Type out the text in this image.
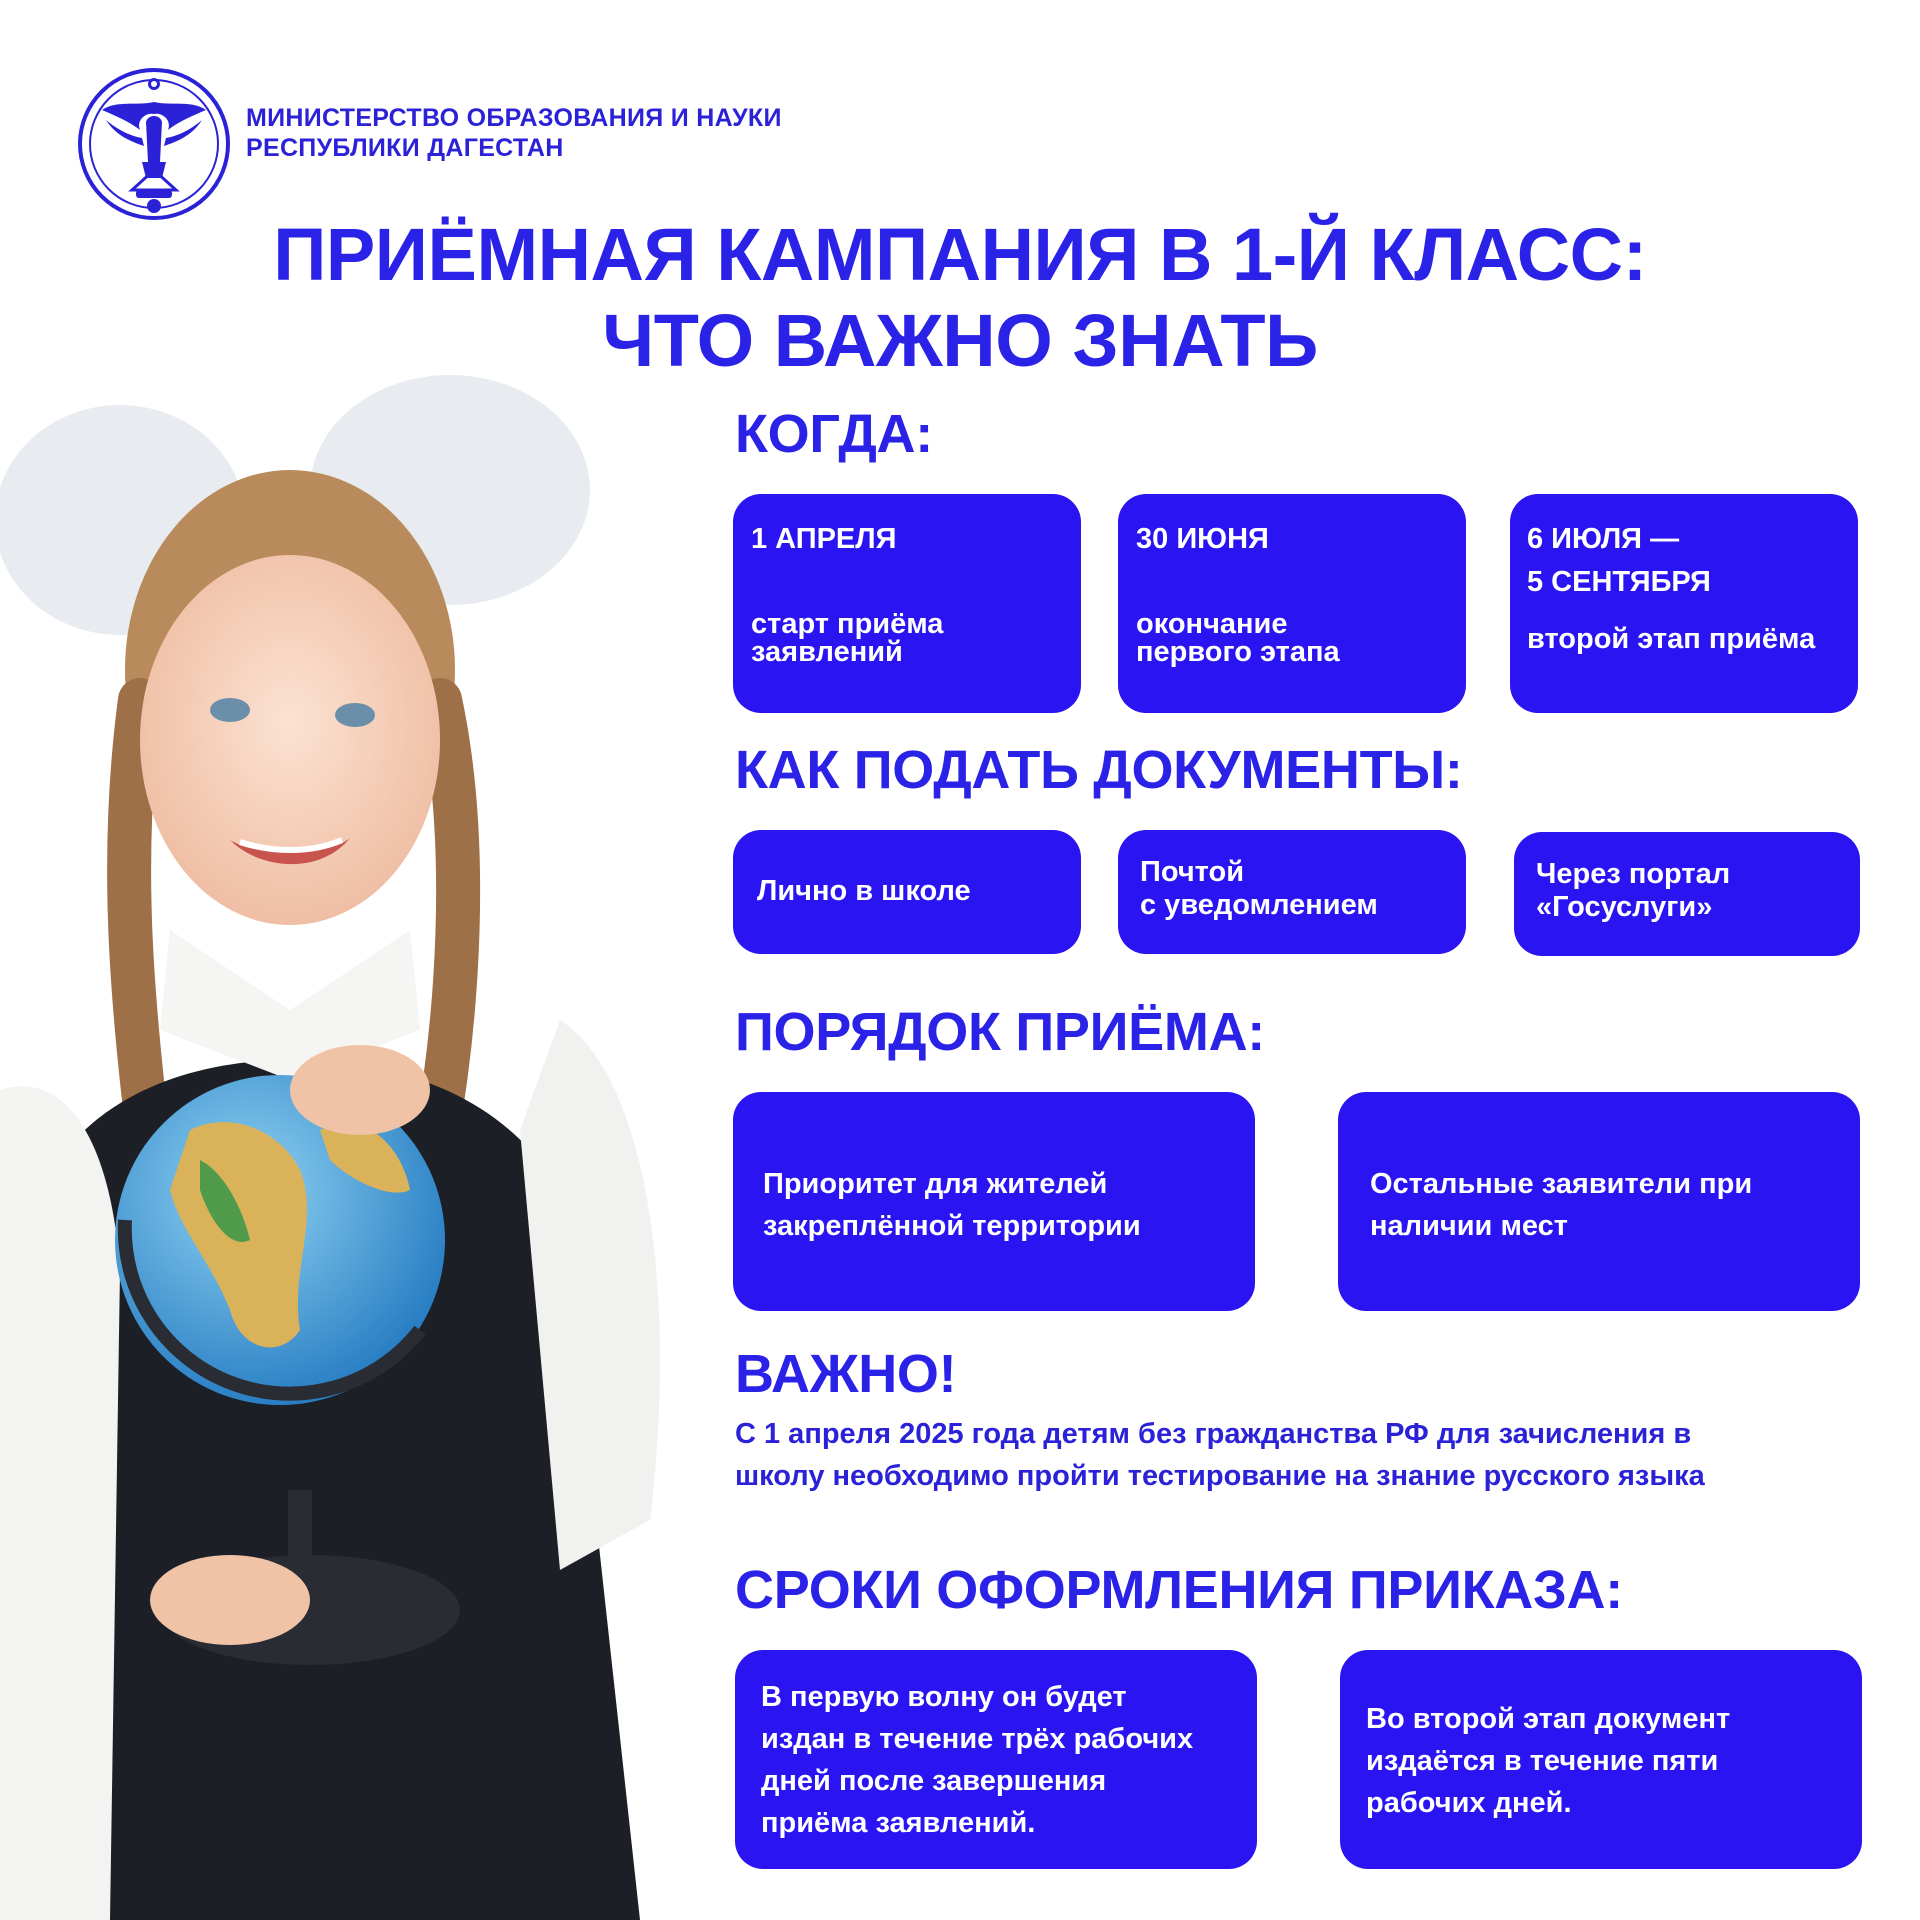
МИНИСТЕРСТВО ОБРАЗОВАНИЯ И НАУКИ
РЕСПУБЛИКИ ДАГЕСТАН
ПРИЁМНАЯ КАМПАНИЯ В 1-Й КЛАСС:
ЧТО ВАЖНО ЗНАТЬ
КОГДА:
1 АПРЕЛЯ
старт приёма
заявлений
30 ИЮНЯ
окончание
первого этапа
6 ИЮЛЯ —
5 СЕНТЯБРЯ
второй этап приёма
КАК ПОДАТЬ ДОКУМЕНТЫ:
Лично в школе
Почтой
с уведомлением
Через портал
«Госуслуги»
ПОРЯДОК ПРИЁМА:
Приоритет для жителей
закреплённой территории
Остальные заявители при
наличии мест
ВАЖНО!
С 1 апреля 2025 года детям без гражданства РФ для зачисления в
школу необходимо пройти тестирование на знание русского языка
СРОКИ ОФОРМЛЕНИЯ ПРИКАЗА:
В первую волну он будет
издан в течение трёх рабочих
дней после завершения
приёма заявлений.
Во второй этап документ
издаётся в течение пяти
рабочих дней.
